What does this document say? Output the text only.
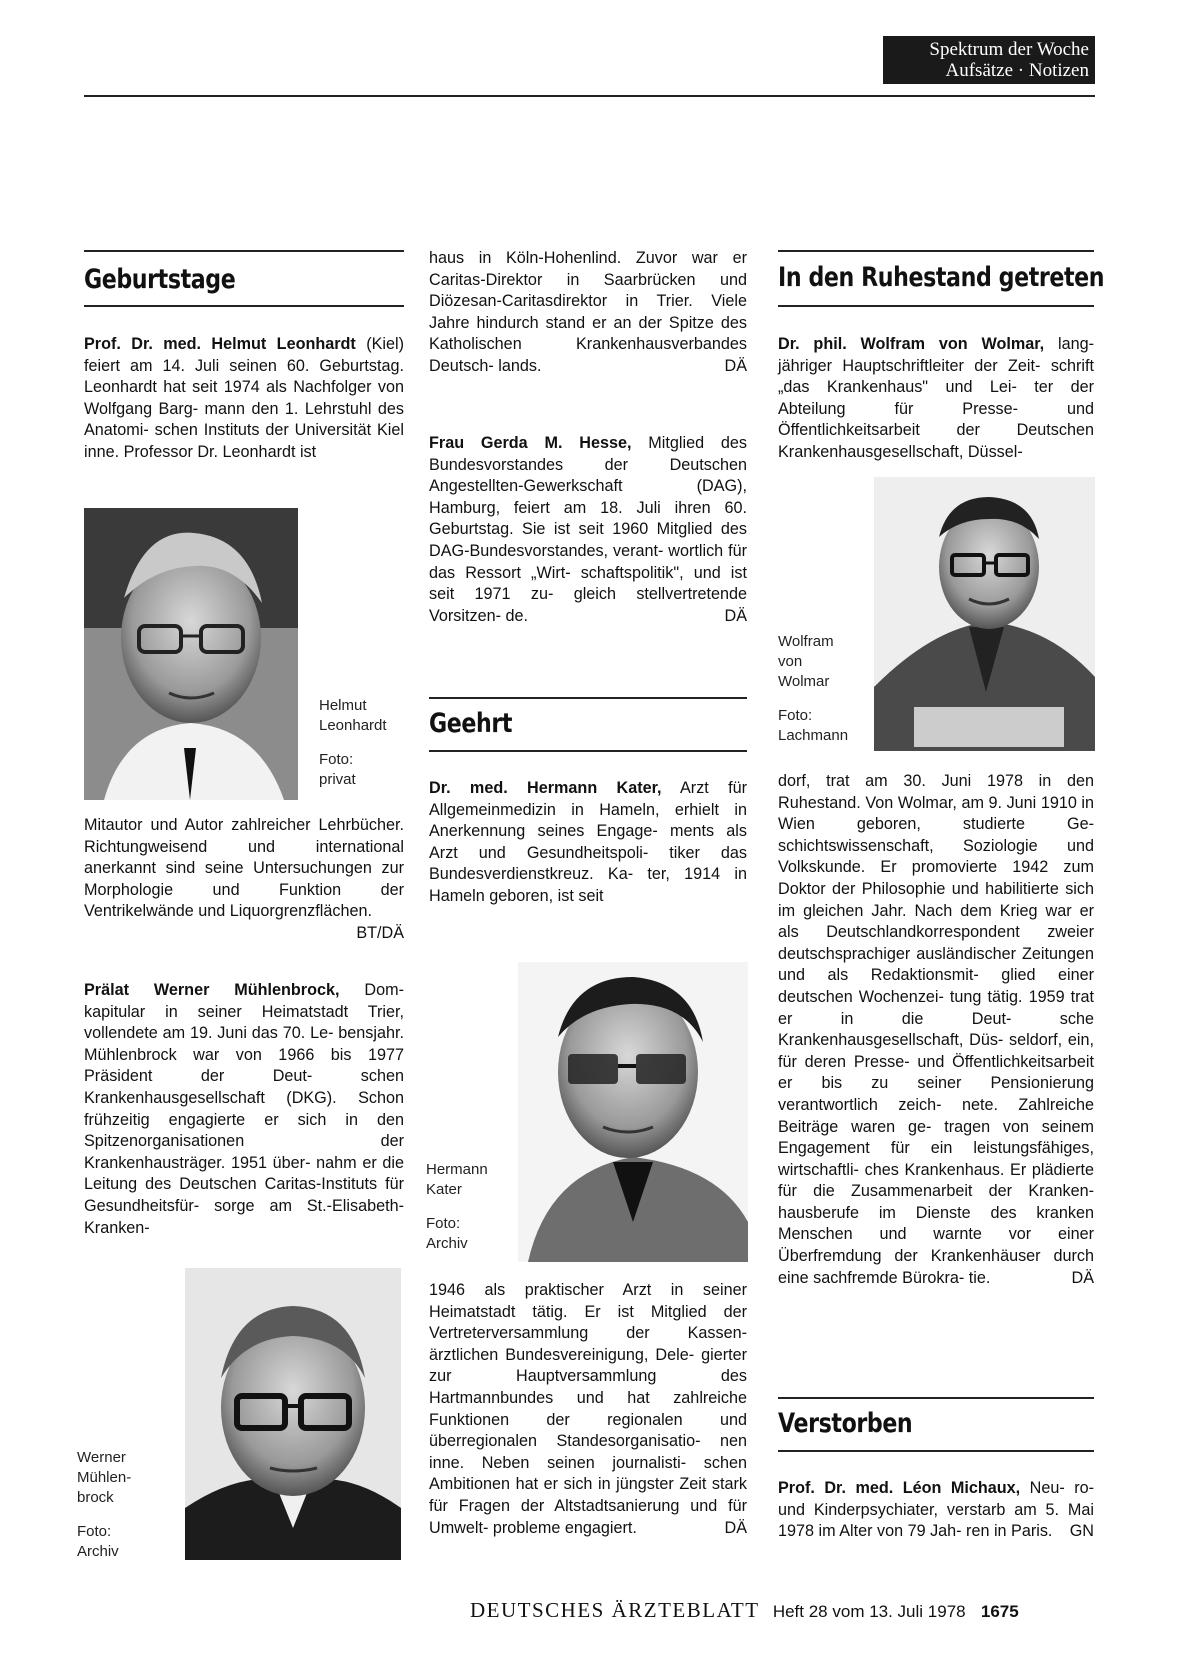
Spektrum der Woche
Aufsätze · Notizen
Geburtstage

Prof. Dr. med. Helmut Leonhardt (Kiel) feiert am 14. Juli seinen 60. Geburtstag. Leonhardt hat seit 1974 als Nachfolger von Wolfgang Barg- mann den 1. Lehrstuhl des Anatomi- schen Instituts der Universität Kiel inne. Professor Dr. Leonhardt ist

Helmut
Leonhardt
Foto:
privat

Mitautor und Autor zahlreicher Lehrbücher. Richtungweisend und international anerkannt sind seine Untersuchungen zur Morphologie und Funktion der Ventrikelwände und Liquorgrenzflächen.
BT/DÄ

Prälat Werner Mühlenbrock, Dom- kapitular in seiner Heimatstadt Trier, vollendete am 19. Juni das 70. Le- bensjahr. Mühlenbrock war von 1966 bis 1977 Präsident der Deut- schen Krankenhausgesellschaft (DKG). Schon frühzeitig engagierte er sich in den Spitzenorganisationen der Krankenhausträger. 1951 über- nahm er die Leitung des Deutschen Caritas-Instituts für Gesundheitsfür- sorge am St.-Elisabeth-Kranken-

Werner
Mühlen-
brock
Foto:
Archiv

haus in Köln-Hohenlind. Zuvor war er Caritas-Direktor in Saarbrücken und Diözesan-Caritasdirektor in Trier. Viele Jahre hindurch stand er an der Spitze des Katholischen Krankenhausverbandes Deutsch- lands.	DÄ

Frau Gerda M. Hesse, Mitglied des Bundesvorstandes der Deutschen Angestellten-Gewerkschaft (DAG), Hamburg, feiert am 18. Juli ihren 60. Geburtstag. Sie ist seit 1960 Mitglied des DAG-Bundesvorstandes, verant- wortlich für das Ressort „Wirt- schaftspolitik", und ist seit 1971 zu- gleich stellvertretende Vorsitzen- de.	DÄ

Geehrt

Dr. med. Hermann Kater, Arzt für Allgemeinmedizin in Hameln, erhielt in Anerkennung seines Engage- ments als Arzt und Gesundheitspoli- tiker das Bundesverdienstkreuz. Ka- ter, 1914 in Hameln geboren, ist seit

Hermann
Kater
Foto:
Archiv

1946 als praktischer Arzt in seiner Heimatstadt tätig. Er ist Mitglied der Vertreterversammlung der Kassen- ärztlichen Bundesvereinigung, Dele- gierter zur Hauptversammlung des Hartmannbundes und hat zahlreiche Funktionen der regionalen und überregionalen Standesorganisatio- nen inne. Neben seinen journalisti- schen Ambitionen hat er sich in jüngster Zeit stark für Fragen der Altstadtsanierung und für Umwelt- probleme engagiert.	DÄ

In den Ruhestand getreten

Dr. phil. Wolfram von Wolmar, lang- jähriger Hauptschriftleiter der Zeit- schrift „das Krankenhaus" und Lei- ter der Abteilung für Presse- und Öffentlichkeitsarbeit der Deutschen Krankenhausgesellschaft, Düssel-

Wolfram
von
Wolmar
Foto:
Lachmann

dorf, trat am 30. Juni 1978 in den Ruhestand. Von Wolmar, am 9. Juni 1910 in Wien geboren, studierte Ge- schichtswissenschaft, Soziologie und Volkskunde. Er promovierte 1942 zum Doktor der Philosophie und habilitierte sich im gleichen Jahr. Nach dem Krieg war er als Deutschlandkorrespondent zweier deutschsprachiger ausländischer Zeitungen und als Redaktionsmit- glied einer deutschen Wochenzei- tung tätig. 1959 trat er in die Deut- sche Krankenhausgesellschaft, Düs- seldorf, ein, für deren Presse- und Öffentlichkeitsarbeit er bis zu seiner Pensionierung verantwortlich zeich- nete. Zahlreiche Beiträge waren ge- tragen von seinem Engagement für ein leistungsfähiges, wirtschaftli- ches Krankenhaus. Er plädierte für die Zusammenarbeit der Kranken- hausberufe im Dienste des kranken Menschen und warnte vor einer Überfremdung der Krankenhäuser durch eine sachfremde Bürokra- tie.	DÄ

Verstorben

Prof. Dr. med. Léon Michaux, Neu- ro- und Kinderpsychiater, verstarb am 5. Mai 1978 im Alter von 79 Jah- ren in Paris. GN

DEUTSCHES ÄRZTEBLATT Heft 28 vom 13. Juli 1978 1675
